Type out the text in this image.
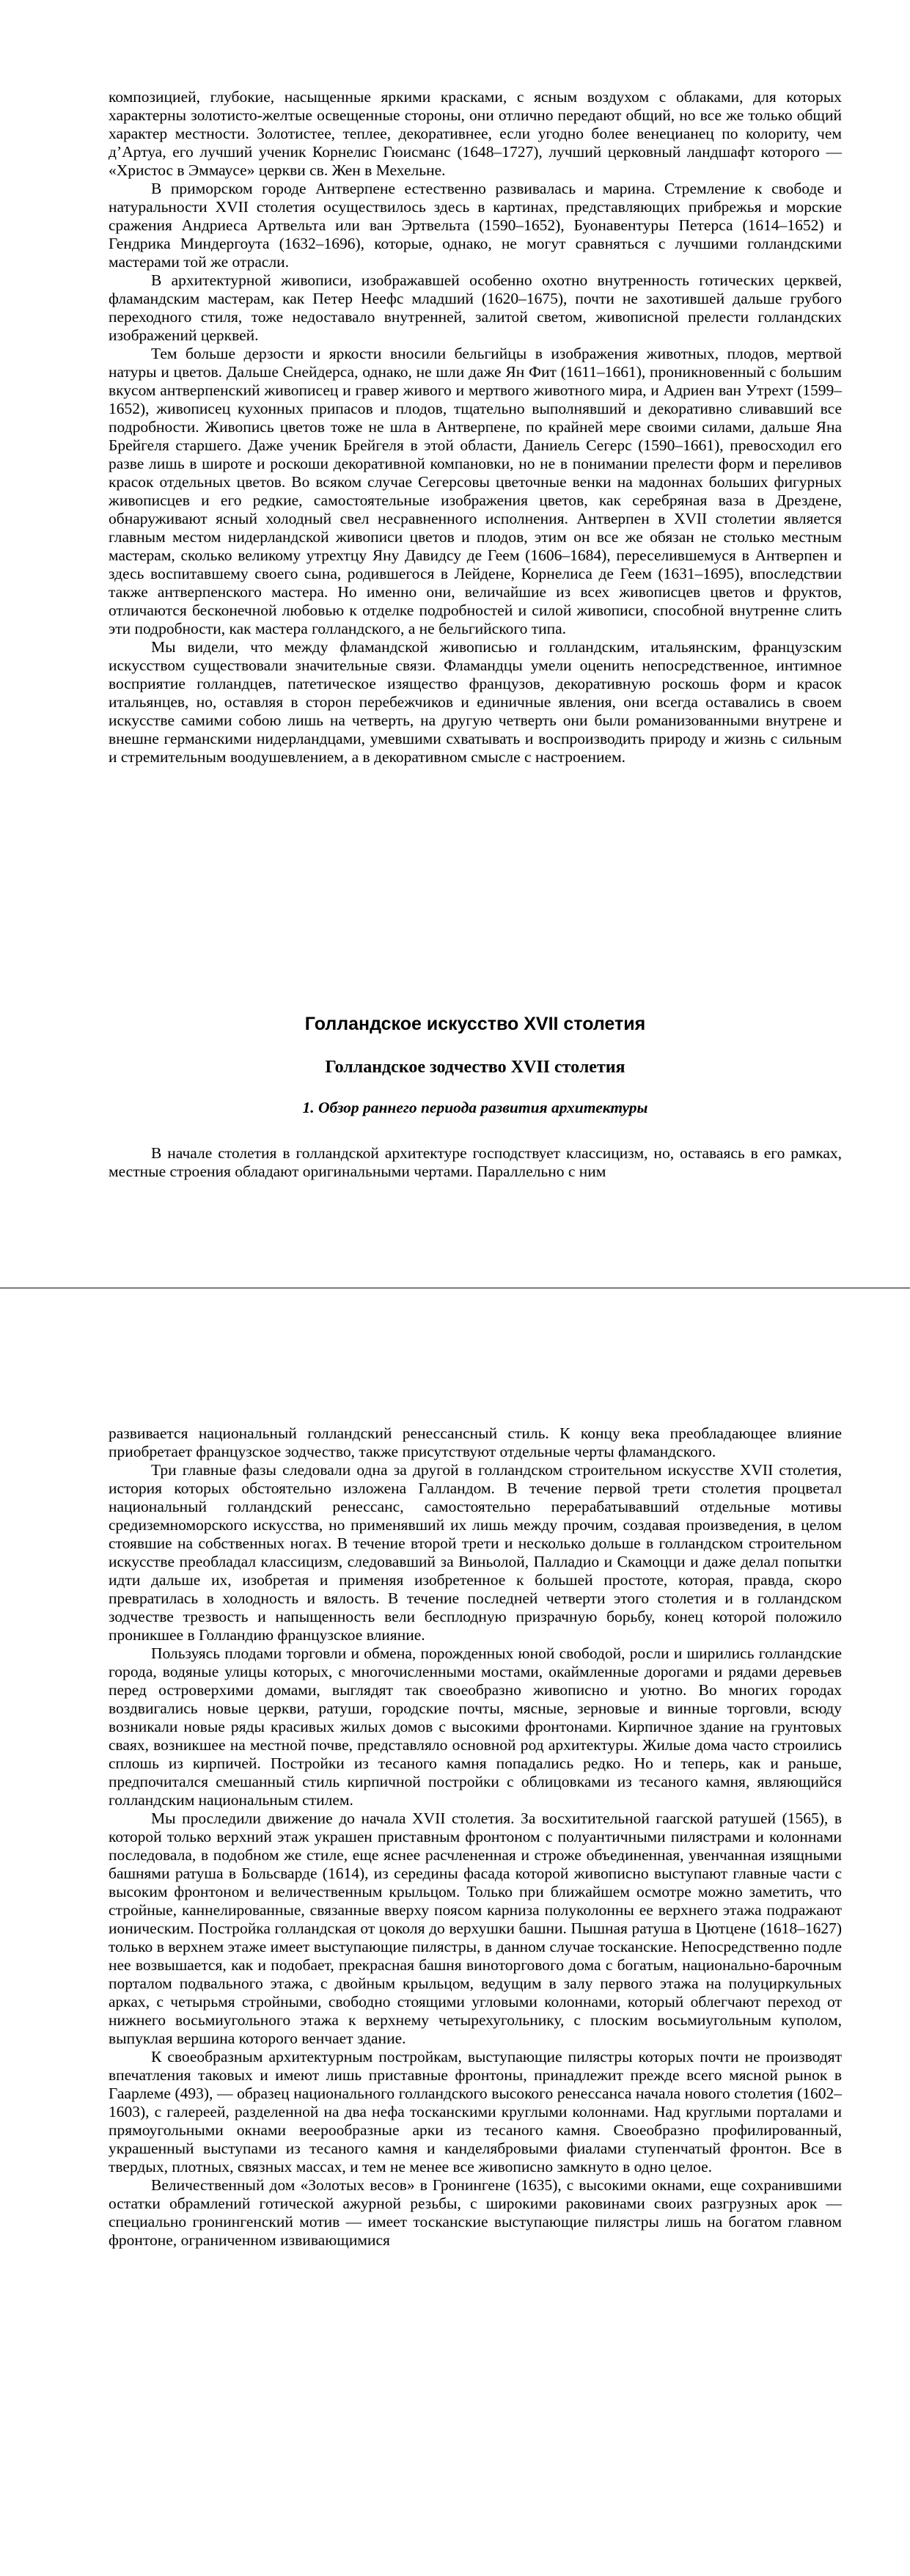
композицией, глубокие, насыщенные яркими красками, с ясным воздухом с облаками, для которых характерны золотисто-желтые освещенные стороны, они отлично передают общий, но все же только общий характер местности. Золотистее, теплее, декоративнее, если угодно более венецианец по колориту, чем д’Артуа, его лучший ученик Корнелис Гюисманс (1648–1727), лучший церковный ландшафт которого — «Христос в Эммаусе» церкви св. Жен в Мехельне.

В приморском городе Антверпене естественно развивалась и марина. Стремление к свободе и натуральности XVII столетия осуществилось здесь в картинах, представляющих прибрежья и морские сражения Андриеса Артвельта или ван Эртвельта (1590–1652), Буонавентуры Петерса (1614–1652) и Гендрика Миндергоута (1632–1696), которые, однако, не могут сравняться с лучшими голландскими мастерами той же отрасли.

В архитектурной живописи, изображавшей особенно охотно внутренность готических церквей, фламандским мастерам, как Петер Неефс младший (1620–1675), почти не захотившей дальше грубого переходного стиля, тоже недоставало внутренней, залитой светом, живописной прелести голландских изображений церквей.

Тем больше дерзости и яркости вносили бельгийцы в изображения животных, плодов, мертвой натуры и цветов. Дальше Снейдерса, однако, не шли даже Ян Фит (1611–1661), проникновенный с большим вкусом антверпенский живописец и гравер живого и мертвого животного мира, и Адриен ван Утрехт (1599–1652), живописец кухонных припасов и плодов, тщательно выполнявший и декоративно сливавший все подробности. Живопись цветов тоже не шла в Антверпене, по крайней мере своими силами, дальше Яна Брейгеля старшего. Даже ученик Брейгеля в этой области, Даниель Сегерс (1590–1661), превосходил его разве лишь в широте и роскоши декоративной компановки, но не в понимании прелести форм и переливов красок отдельных цветов. Во всяком случае Сегерсовы цветочные венки на мадоннах больших фигурных живописцев и его редкие, самостоятельные изображения цветов, как серебряная ваза в Дрездене, обнаруживают ясный холодный свел несравненного исполнения. Антверпен в XVII столетии является главным местом нидерландской живописи цветов и плодов, этим он все же обязан не столько местным мастерам, сколько великому утрехтцу Яну Давидсу де Геем (1606–1684), переселившемуся в Антверпен и здесь воспитавшему своего сына, родившегося в Лейдене, Корнелиса де Геем (1631–1695), впоследствии также антверпенского мастера. Но именно они, величайшие из всех живописцев цветов и фруктов, отличаются бесконечной любовью к отделке подробностей и силой живописи, способной внутренне слить эти подробности, как мастера голландского, а не бельгийского типа.

Мы видели, что между фламандской живописью и голландским, итальянским, французским искусством существовали значительные связи. Фламандцы умели оценить непосредственное, интимное восприятие голландцев, патетическое изящество французов, декоративную роскошь форм и красок итальянцев, но, оставляя в сторон перебежчиков и единичные явления, они всегда оставались в своем искусстве самими собою лишь на четверть, на другую четверть они были романизованными внутрене и внешне германскими нидерландцами, умевшими схватывать и воспроизводить природу и жизнь с сильным и стремительным воодушевлением, а в декоративном смысле с настроением.

Голландское искусство XVII столетия
Голландское зодчество XVII столетия
1. Обзор раннего периода развития архитектуры

В начале столетия в голландской архитектуре господствует классицизм, но, оставаясь в его рамках, местные строения обладают оригинальными чертами. Параллельно с ним

развивается национальный голландский ренессансный стиль. К концу века преобладающее влияние приобретает французское зодчество, также присутствуют отдельные черты фламандского.

Три главные фазы следовали одна за другой в голландском строительном искусстве XVII столетия, история которых обстоятельно изложена Галландом. В течение первой трети столетия процветал национальный голландский ренессанс, самостоятельно перерабатывавший отдельные мотивы средиземноморского искусства, но применявший их лишь между прочим, создавая произведения, в целом стоявшие на собственных ногах. В течение второй трети и несколько дольше в голландском строительном искусстве преобладал классицизм, следовавший за Виньолой, Палладио и Скамоцци и даже делал попытки идти дальше их, изобретая и применяя изобретенное к большей простоте, которая, правда, скоро превратилась в холодность и вялость. В течение последней четверти этого столетия и в голландском зодчестве трезвость и напыщенность вели бесплодную призрачную борьбу, конец которой положило проникшее в Голландию французское влияние.

Пользуясь плодами торговли и обмена, порожденных юной свободой, росли и ширились голландские города, водяные улицы которых, с многочисленными мостами, окаймленные дорогами и рядами деревьев перед островерхими домами, выглядят так своеобразно живописно и уютно. Во многих городах воздвигались новые церкви, ратуши, городские почты, мясные, зерновые и винные торговли, всюду возникали новые ряды красивых жилых домов с высокими фронтонами. Кирпичное здание на грунтовых сваях, возникшее на местной почве, представляло основной род архитектуры. Жилые дома часто строились сплошь из кирпичей. Постройки из тесаного камня попадались редко. Но и теперь, как и раньше, предпочитался смешанный стиль кирпичной постройки с облицовками из тесаного камня, являющийся голландским национальным стилем.

Мы проследили движение до начала XVII столетия. За восхитительной гаагской ратушей (1565), в которой только верхний этаж украшен приставным фронтоном с полуантичными пилястрами и колоннами последовала, в подобном же стиле, еще яснее расчлененная и строже объединенная, увенчанная изящными башнями ратуша в Больсварде (1614), из середины фасада которой живописно выступают главные части с высоким фронтоном и величественным крыльцом. Только при ближайшем осмотре можно заметить, что стройные, каннелированные, связанные вверху поясом карниза полуколонны ее верхнего этажа подражают ионическим. Постройка голландская от цоколя до верхушки башни. Пышная ратуша в Цютцене (1618–1627) только в верхнем этаже имеет выступающие пилястры, в данном случае тосканские. Непосредственно подле нее возвышается, как и подобает, прекрасная башня виноторгового дома с богатым, национально-барочным порталом подвального этажа, с двойным крыльцом, ведущим в залу первого этажа на полуциркульных арках, с четырьмя стройными, свободно стоящими угловыми колоннами, который облегчают переход от нижнего восьмиугольного этажа к верхнему четырехугольнику, с плоским восьмиугольным куполом, выпуклая вершина которого венчает здание.

К своеобразным архитектурным постройкам, выступающие пилястры которых почти не производят впечатления таковых и имеют лишь приставные фронтоны, принадлежит прежде всего мясной рынок в Гаарлеме (493), — образец национального голландского высокого ренессанса начала нового столетия (1602–1603), с галереей, разделенной на два нефа тосканскими круглыми колоннами. Над круглыми порталами и прямоугольными окнами веерообразные арки из тесаного камня. Своеобразно профилированный, украшенный выступами из тесаного камня и канделябровыми фиалами ступенчатый фронтон. Все в твердых, плотных, связных массах, и тем не менее все живописно замкнуто в одно целое.

Величественный дом «Золотых весов» в Гронингене (1635), с высокими окнами, еще сохранившими остатки обрамлений готической ажурной резьбы, с широкими раковинами своих разгрузных арок — специально гронингенский мотив — имеет тосканские выступающие пилястры лишь на богатом главном фронтоне, ограниченном извивающимися
